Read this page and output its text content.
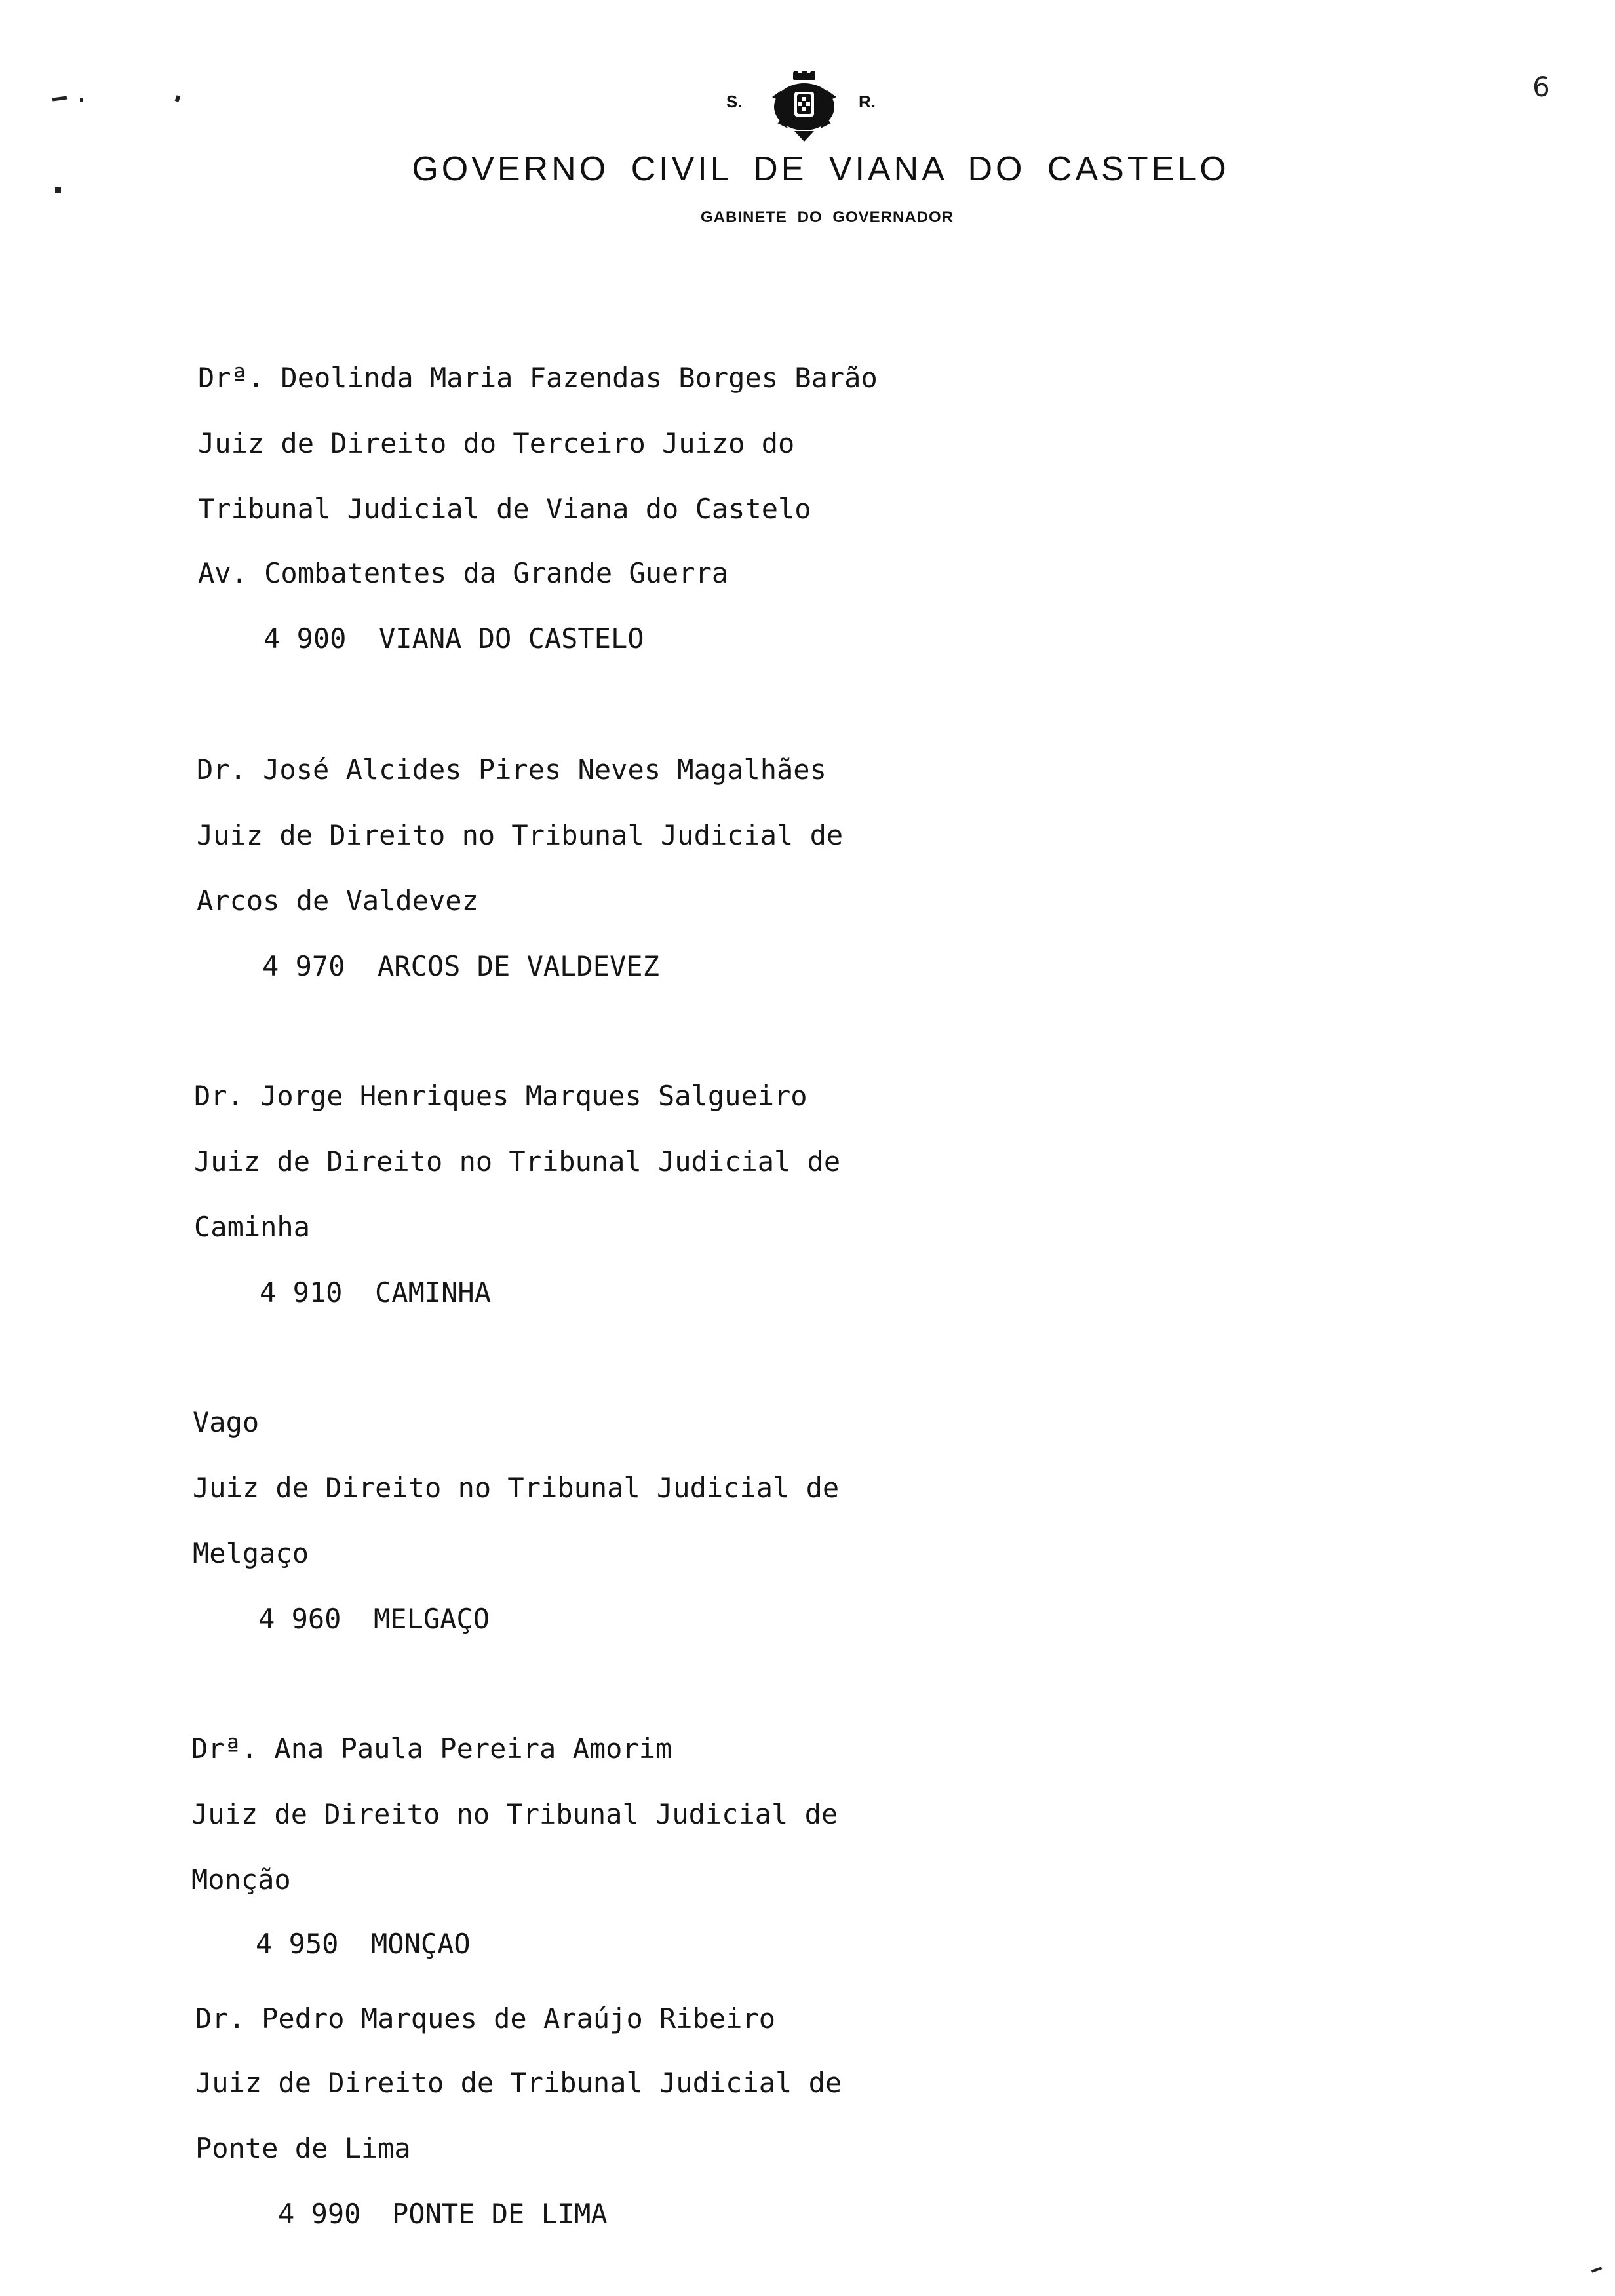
6
S.	R.
GOVERNO CIVIL DE VIANA DO CASTELO
GABINETE DO GOVERNADOR
Drª. Deolinda Maria Fazendas Borges Barão
Juiz de Direito do Terceiro Juizo do
Tribunal Judicial de Viana do Castelo
Av. Combatentes da Grande Guerra
4 900 VIANA DO CASTELO
Dr. José Alcides Pires Neves Magalhães
Juiz de Direito no Tribunal Judicial de
Arcos de Valdevez
4 970 ARCOS DE VALDEVEZ
Dr. Jorge Henriques Marques Salgueiro
Juiz de Direito no Tribunal Judicial de
Caminha
4 910 CAMINHA
Vago
Juiz de Direito no Tribunal Judicial de
Melgaço
4 960 MELGAÇO
Drª. Ana Paula Pereira Amorim
Juiz de Direito no Tribunal Judicial de
Monção
4 950 MONÇAO
Dr. Pedro Marques de Araújo Ribeiro
Juiz de Direito de Tribunal Judicial de
Ponte de Lima
4 990 PONTE DE LIMA
